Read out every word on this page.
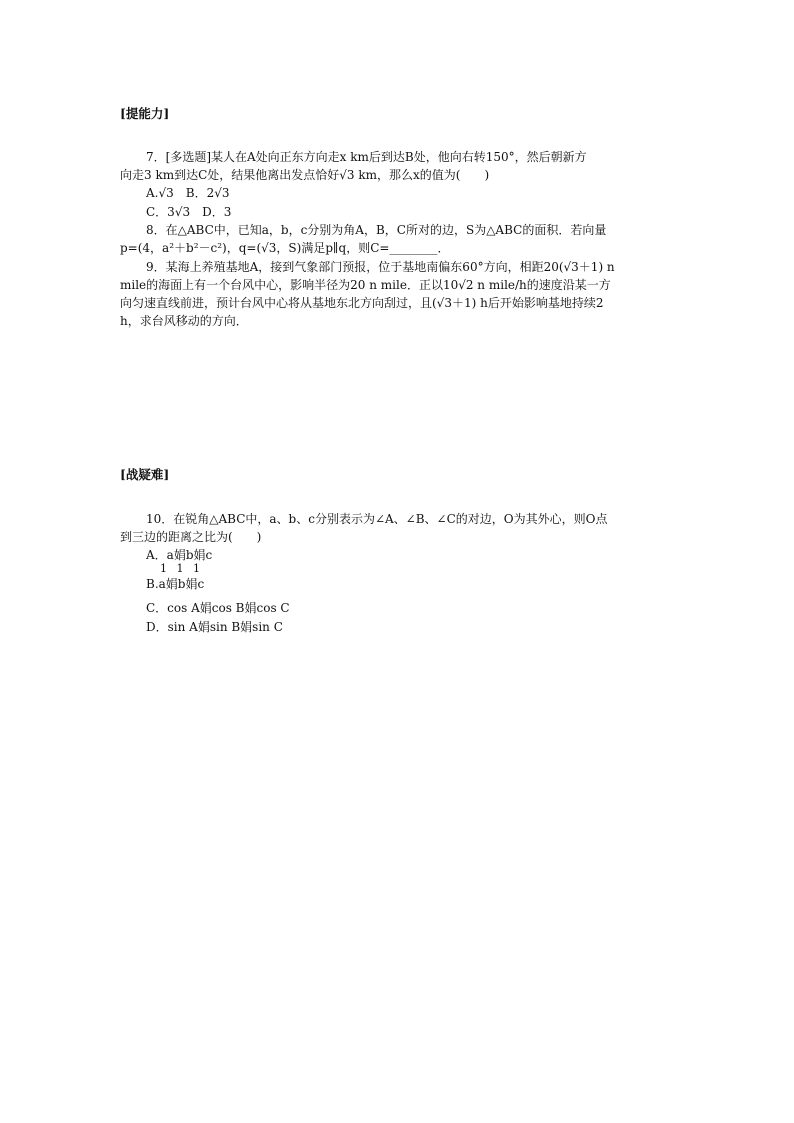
[提能力]
7．[多选题]某人在A处向正东方向走x km后到达B处，他向右转150°，然后朝新方
向走3 km到达C处，结果他离出发点恰好√3 km，那么x的值为(　　)
A.√3　B．2√3
C．3√3　D．3
8．在△ABC中，已知a，b，c分别为角A，B，C所对的边，S为△ABC的面积．若向量
p=(4，a²＋b²－c²)，q=(√3，S)满足p∥q，则C=________．
9．某海上养殖基地A，接到气象部门预报，位于基地南偏东60°方向，相距20(√3＋1) n
mile的海面上有一个台风中心，影响半径为20 n mile．正以10√2 n mile/h的速度沿某一方
向匀速直线前进，预计台风中心将从基地东北方向刮过，且(√3＋1) h后开始影响基地持续2
h，求台风移动的方向．
[战疑难]
10．在锐角△ABC中，a、b、c分别表示为∠A、∠B、∠C的对边，O为其外心，则O点
到三边的距离之比为(　　)
A．a娟b娟c
1 1 1
B.a娟b娟c
C．cos A娟cos B娟cos C
D．sin A娟sin B娟sin C
